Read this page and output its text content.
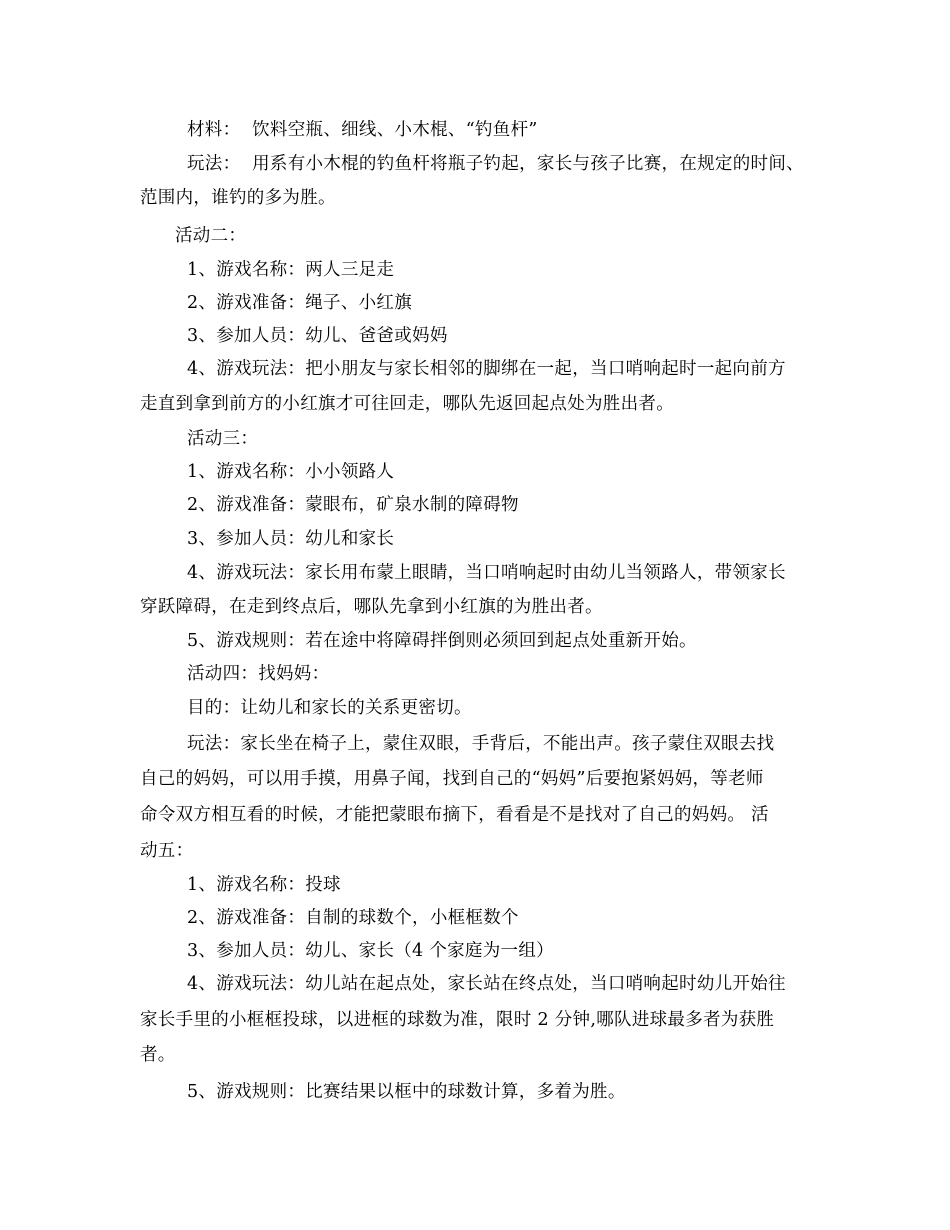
材料：  饮料空瓶、细线、小木棍、“钓鱼杆”
玩法：  用系有小木棍的钓鱼杆将瓶子钓起，家长与孩子比赛，在规定的时间、
范围内，谁钓的多为胜。
活动二：
1、游戏名称：两人三足走
2、游戏准备：绳子、小红旗
3、参加人员：幼儿、爸爸或妈妈
4、游戏玩法：把小朋友与家长相邻的脚绑在一起，当口哨响起时一起向前方
走直到拿到前方的小红旗才可往回走，哪队先返回起点处为胜出者。
活动三：
1、游戏名称：小小领路人
2、游戏准备：蒙眼布，矿泉水制的障碍物
3、参加人员：幼儿和家长
4、游戏玩法：家长用布蒙上眼睛，当口哨响起时由幼儿当领路人，带领家长
穿跃障碍，在走到终点后，哪队先拿到小红旗的为胜出者。
5、游戏规则：若在途中将障碍拌倒则必须回到起点处重新开始。
活动四：找妈妈：
目的：让幼儿和家长的关系更密切。
玩法：家长坐在椅子上，蒙住双眼，手背后，不能出声。孩子蒙住双眼去找
自己的妈妈，可以用手摸，用鼻子闻，找到自己的“妈妈”后要抱紧妈妈，等老师
命令双方相互看的时候，才能把蒙眼布摘下，看看是不是找对了自己的妈妈。 活
动五：
1、游戏名称：投球
2、游戏准备：自制的球数个，小框框数个
3、参加人员：幼儿、家长（4 个家庭为一组）
4、游戏玩法：幼儿站在起点处，家长站在终点处，当口哨响起时幼儿开始往
家长手里的小框框投球，以进框的球数为准，限时 2 分钟,哪队进球最多者为获胜
者。
5、游戏规则：比赛结果以框中的球数计算，多着为胜。
